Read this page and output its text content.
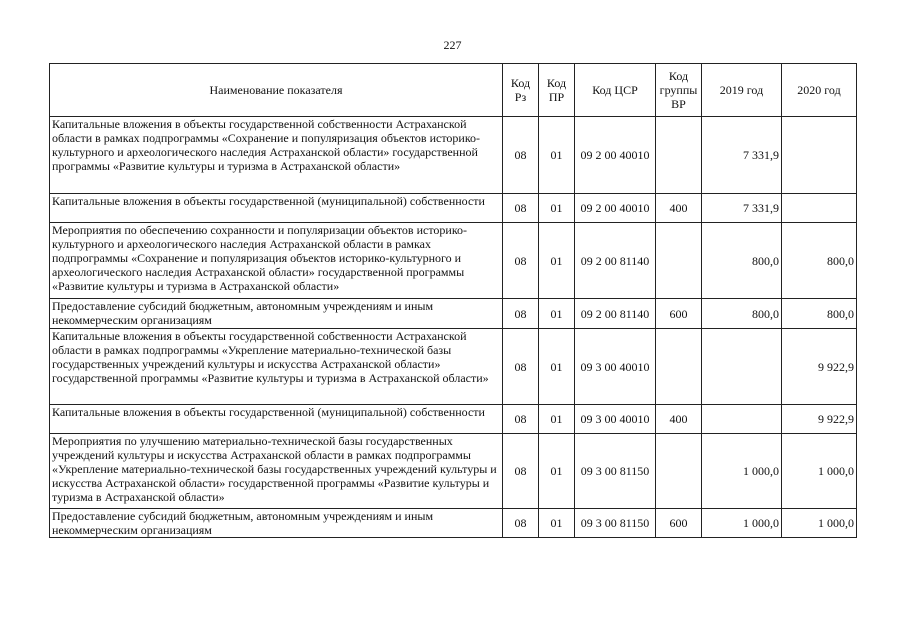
227
Наименование показателя	Код Рз	Код ПР	Код ЦСР	Код группы ВР	2019 год	2020 год
Капитальные вложения в объекты государственной собственности Астраханской области в рамках подпрограммы «Сохранение и популяризация объектов историко-культурного и археологического наследия Астраханской области» государственной программы «Развитие культуры и туризма в Астраханской области»	08	01	09 2 00 40010		7 331,9	
Капитальные вложения в объекты государственной (муниципальной) собственности	08	01	09 2 00 40010	400	7 331,9	
Мероприятия по обеспечению сохранности и популяризации объектов историко-культурного и археологического наследия Астраханской области в рамках подпрограммы «Сохранение и популяризация объектов историко-культурного и археологического наследия Астраханской области» государственной программы «Развитие культуры и туризма в Астраханской области»	08	01	09 2 00 81140		800,0	800,0
Предоставление субсидий бюджетным, автономным учреждениям и иным некоммерческим организациям	08	01	09 2 00 81140	600	800,0	800,0
Капитальные вложения в объекты государственной собственности Астраханской области в рамках подпрограммы «Укрепление материально-технической базы государственных учреждений культуры и искусства Астраханской области» государственной программы «Развитие культуры и туризма в Астраханской области»	08	01	09 3 00 40010			9 922,9
Капитальные вложения в объекты государственной (муниципальной) собственности	08	01	09 3 00 40010	400		9 922,9
Мероприятия по улучшению материально-технической базы государственных учреждений культуры и искусства Астраханской области в рамках подпрограммы «Укрепление материально-технической базы государственных учреждений культуры и искусства Астраханской области» государственной программы «Развитие культуры и туризма в Астраханской области»	08	01	09 3 00 81150		1 000,0	1 000,0
Предоставление субсидий бюджетным, автономным учреждениям и иным некоммерческим организациям	08	01	09 3 00 81150	600	1 000,0	1 000,0
